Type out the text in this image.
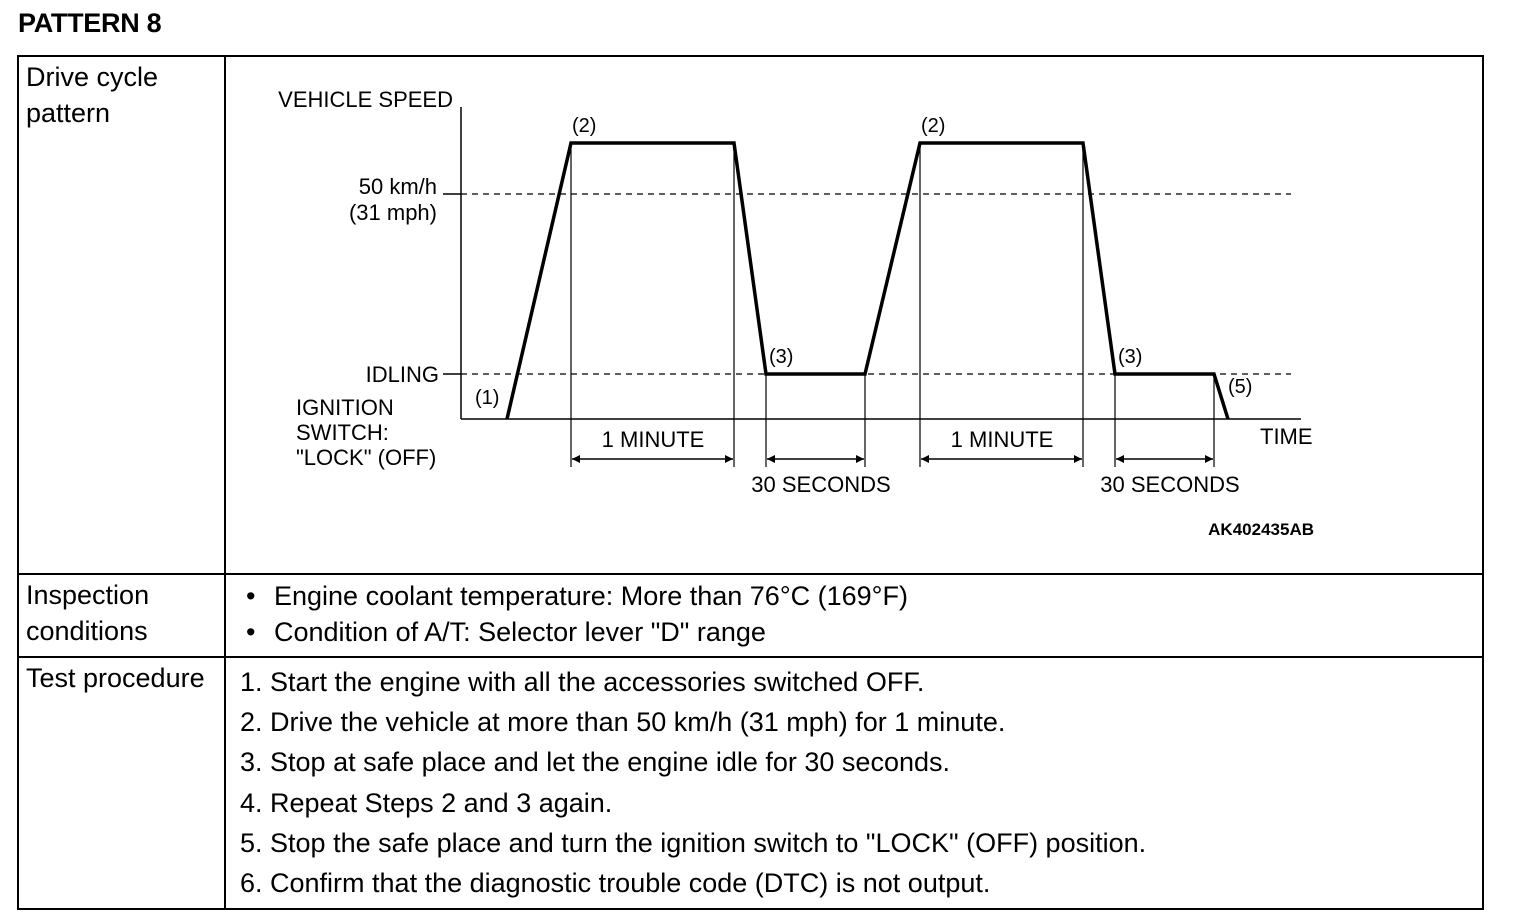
PATTERN 8
Drive cycle pattern	VEHICLE SPEED
50 km/h
(31 mph)
IDLING
IGNITION
SWITCH:
"LOCK" (OFF)
(1)
(2)	(2)
(3)	(3)
(5)
1 MINUTE	1 MINUTE
30 SECONDS	30 SECONDS
TIME
AK402435AB
Inspection conditions
• Engine coolant temperature: More than 76°C (169°F)
• Condition of A/T: Selector lever "D" range
Test procedure	1. Start the engine with all the accessories switched OFF.
2. Drive the vehicle at more than 50 km/h (31 mph) for 1 minute.
3. Stop at safe place and let the engine idle for 30 seconds.
4. Repeat Steps 2 and 3 again.
5. Stop the safe place and turn the ignition switch to "LOCK" (OFF) position.
6. Confirm that the diagnostic trouble code (DTC) is not output.
